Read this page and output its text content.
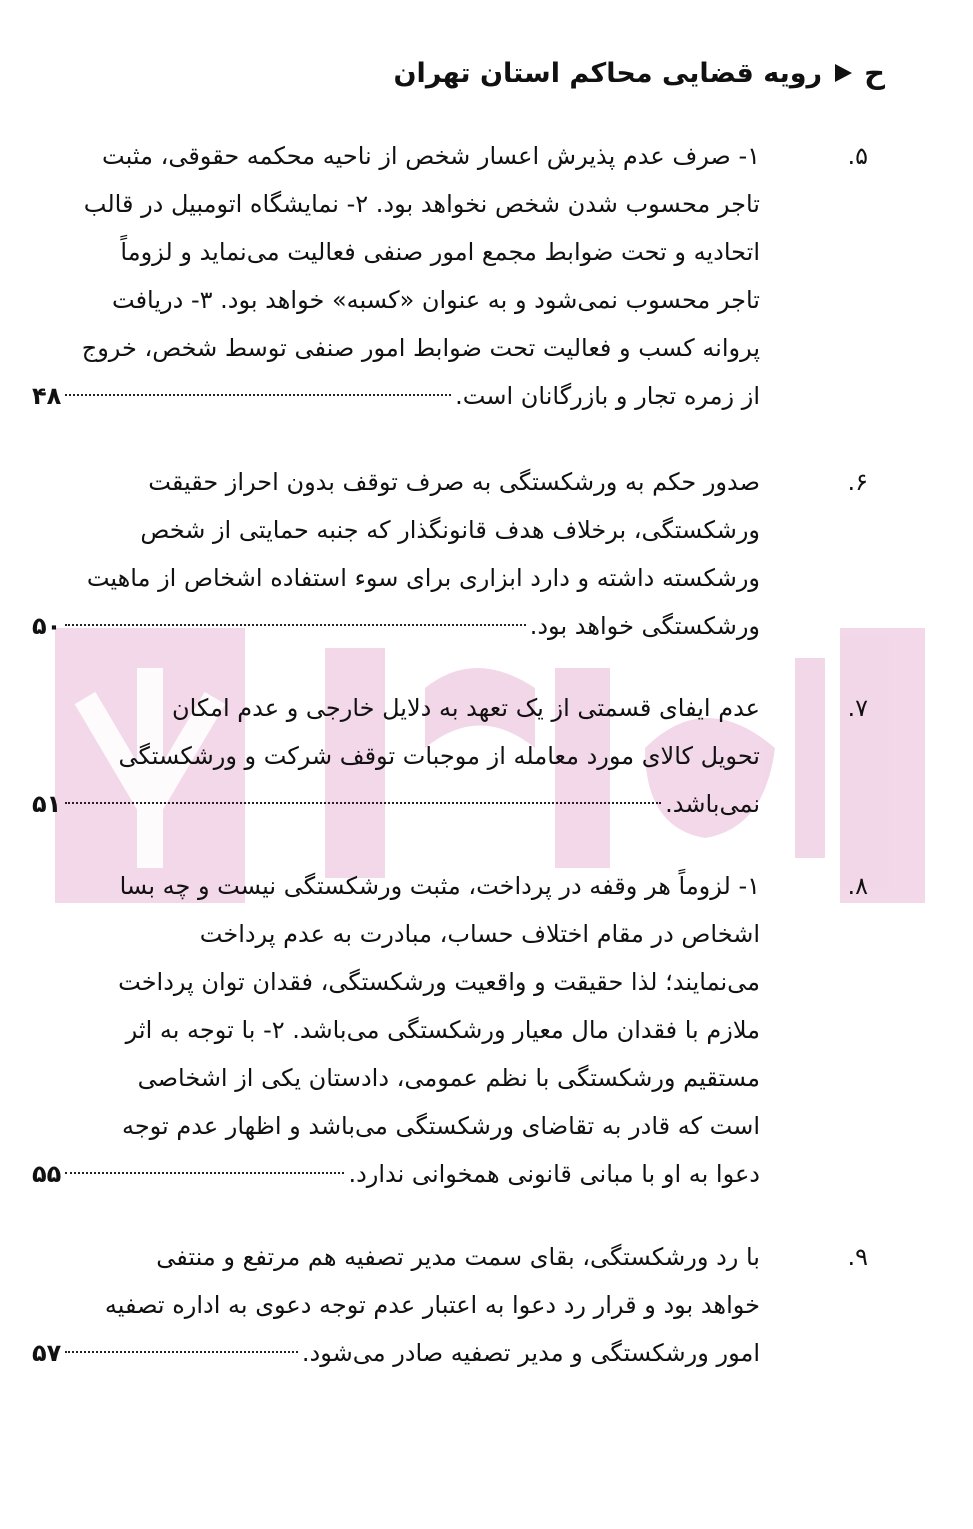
ح
رویه قضایی محاکم استان تهران
۵.
۱- صرف عدم پذیرش اعسار شخص از ناحیه محکمه حقوقی، مثبت
تاجر محسوب شدن شخص نخواهد بود. ۲- نمایشگاه اتومبیل در قالب
اتحادیه و تحت ضوابط مجمع امور صنفی فعالیت می‌نماید و لزوماً
تاجر محسوب نمی‌شود و به عنوان «کسبه» خواهد بود. ۳- دریافت
پروانه کسب و فعالیت تحت ضوابط امور صنفی توسط شخص، خروج
از زمره تجار و بازرگانان است.
۴۸
۶.
صدور حکم به ورشکستگی به صرف توقف بدون احراز حقیقت
ورشکستگی، برخلاف هدف قانونگذار که جنبه حمایتی از شخص
ورشکسته داشته و دارد ابزاری برای سوء استفاده اشخاص از ماهیت
ورشکستگی خواهد بود.
۵۰
۷.
عدم ایفای قسمتی از یک تعهد به دلایل خارجی و عدم امکان
تحویل کالای مورد معامله از موجبات توقف شرکت و ورشکستگی
نمی‌باشد.
۵۱
۸.
۱- لزوماً هر وقفه در پرداخت، مثبت ورشکستگی نیست و چه بسا
اشخاص در مقام اختلاف حساب، مبادرت به عدم پرداخت
می‌نمایند؛ لذا حقیقت و واقعیت ورشکستگی، فقدان توان پرداخت
ملازم با فقدان مال معیار ورشکستگی می‌باشد. ۲- با توجه به اثر
مستقیم ورشکستگی با نظم عمومی، دادستان یکی از اشخاصی
است که قادر به تقاضای ورشکستگی می‌باشد و اظهار عدم توجه
دعوا به او با مبانی قانونی همخوانی ندارد.
۵۵
۹.
با رد ورشکستگی، بقای سمت مدیر تصفیه هم مرتفع و منتفی
خواهد بود و قرار رد دعوا به اعتبار عدم توجه دعوی به اداره تصفیه
امور ورشکستگی و مدیر تصفیه صادر می‌شود.
۵۷
